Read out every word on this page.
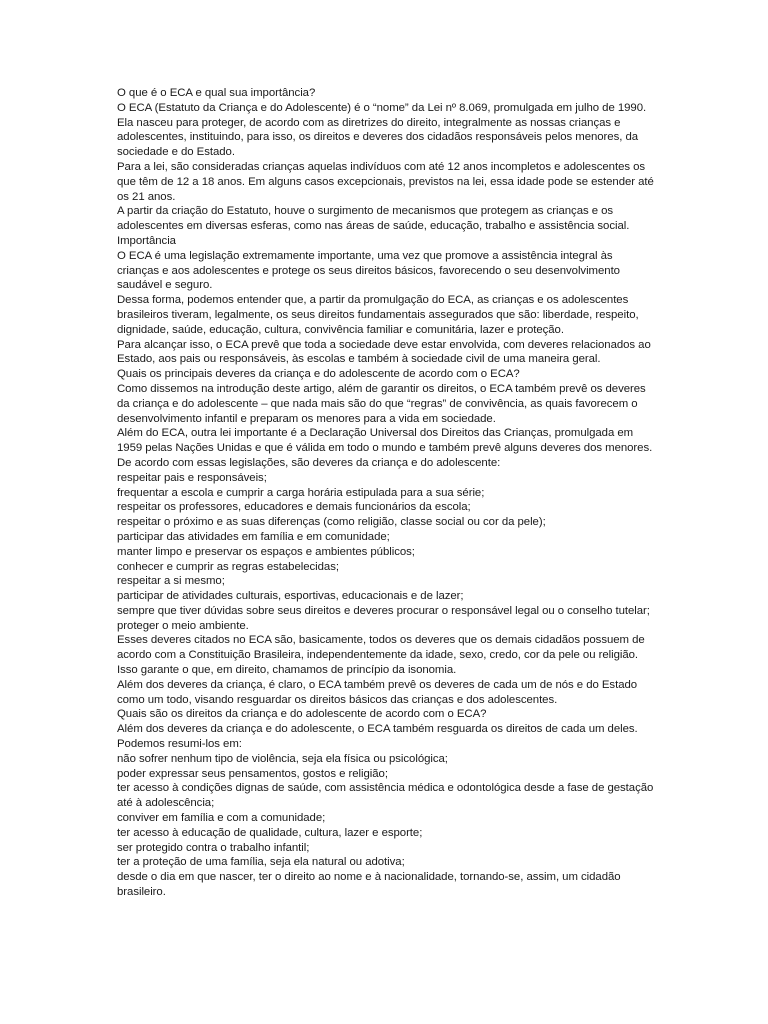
O que é o ECA e qual sua importância?

O ECA (Estatuto da Criança e do Adolescente) é o “nome” da Lei nº 8.069, promulgada em julho de 1990. Ela nasceu para proteger, de acordo com as diretrizes do direito, integralmente as nossas crianças e adolescentes, instituindo, para isso, os direitos e deveres dos cidadãos responsáveis pelos menores, da sociedade e do Estado.

Para a lei, são consideradas crianças aquelas indivíduos com até 12 anos incompletos e adolescentes os que têm de 12 a 18 anos. Em alguns casos excepcionais, previstos na lei, essa idade pode se estender até os 21 anos.

A partir da criação do Estatuto, houve o surgimento de mecanismos que protegem as crianças e os adolescentes em diversas esferas, como nas áreas de saúde, educação, trabalho e assistência social.

Importância

O ECA é uma legislação extremamente importante, uma vez que promove a assistência integral às crianças e aos adolescentes e protege os seus direitos básicos, favorecendo o seu desenvolvimento saudável e seguro.

Dessa forma, podemos entender que, a partir da promulgação do ECA, as crianças e os adolescentes brasileiros tiveram, legalmente, os seus direitos fundamentais assegurados que são: liberdade, respeito, dignidade, saúde, educação, cultura, convivência familiar e comunitária, lazer e proteção.

Para alcançar isso, o ECA prevê que toda a sociedade deve estar envolvida, com deveres relacionados ao Estado, aos pais ou responsáveis, às escolas e também à sociedade civil de uma maneira geral.

Quais os principais deveres da criança e do adolescente de acordo com o ECA?

Como dissemos na introdução deste artigo, além de garantir os direitos, o ECA também prevê os deveres da criança e do adolescente – que nada mais são do que “regras” de convivência, as quais favorecem o desenvolvimento infantil e preparam os menores para a vida em sociedade.

Além do ECA, outra lei importante é a Declaração Universal dos Direitos das Crianças, promulgada em 1959 pelas Nações Unidas e que é válida em todo o mundo e também prevê alguns deveres dos menores.

De acordo com essas legislações, são deveres da criança e do adolescente:

respeitar pais e responsáveis;

frequentar a escola e cumprir a carga horária estipulada para a sua série;

respeitar os professores, educadores e demais funcionários da escola;

respeitar o próximo e as suas diferenças (como religião, classe social ou cor da pele);

participar das atividades em família e em comunidade;

manter limpo e preservar os espaços e ambientes públicos;

conhecer e cumprir as regras estabelecidas;

respeitar a si mesmo;

participar de atividades culturais, esportivas, educacionais e de lazer;

sempre que tiver dúvidas sobre seus direitos e deveres procurar o responsável legal ou o conselho tutelar;

proteger o meio ambiente.

Esses deveres citados no ECA são, basicamente, todos os deveres que os demais cidadãos possuem de acordo com a Constituição Brasileira, independentemente da idade, sexo, credo, cor da pele ou religião. Isso garante o que, em direito, chamamos de princípio da isonomia.

Além dos deveres da criança, é claro, o ECA também prevê os deveres de cada um de nós e do Estado como um todo, visando resguardar os direitos básicos das crianças e dos adolescentes.

Quais são os direitos da criança e do adolescente de acordo com o ECA?

Além dos deveres da criança e do adolescente, o ECA também resguarda os direitos de cada um deles. Podemos resumi-los em:

não sofrer nenhum tipo de violência, seja ela física ou psicológica;

poder expressar seus pensamentos, gostos e religião;

ter acesso à condições dignas de saúde, com assistência médica e odontológica desde a fase de gestação até à adolescência;

conviver em família e com a comunidade;

ter acesso à educação de qualidade, cultura, lazer e esporte;

ser protegido contra o trabalho infantil;

ter a proteção de uma família, seja ela natural ou adotiva;

desde o dia em que nascer, ter o direito ao nome e à nacionalidade, tornando-se, assim, um cidadão brasileiro.
